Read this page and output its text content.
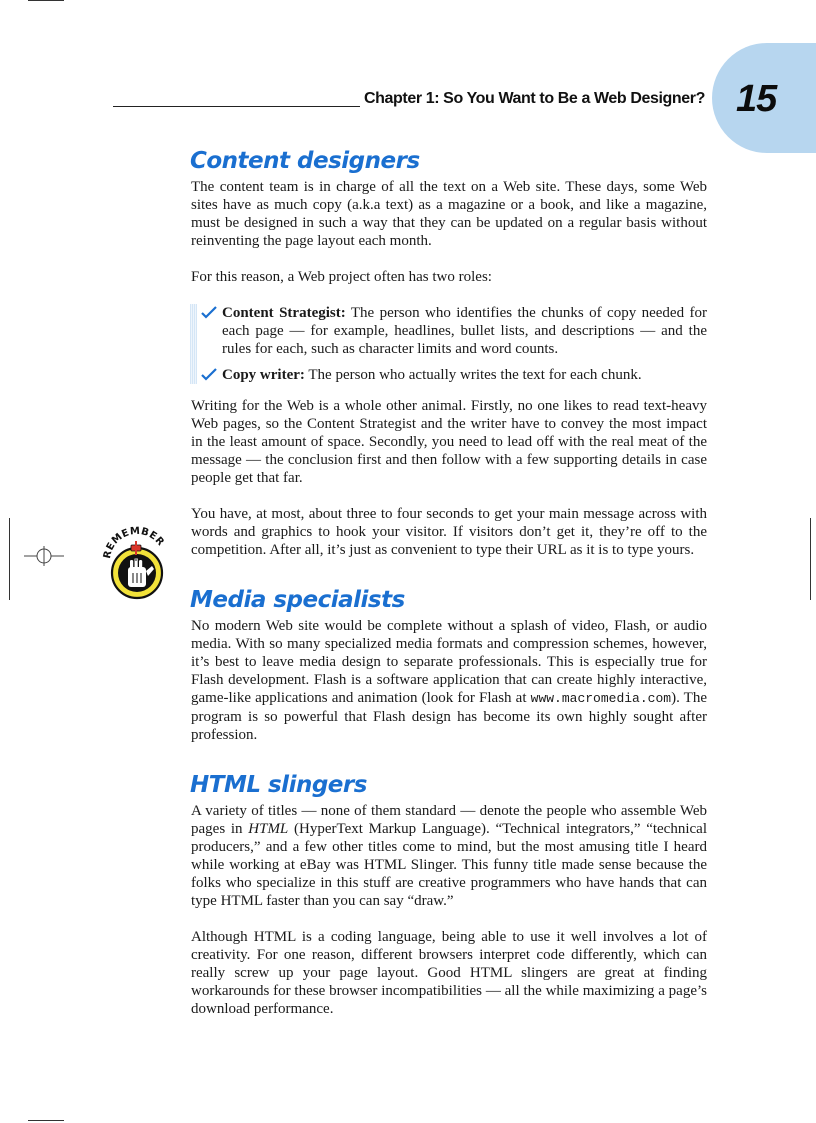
Chapter 1: So You Want to Be a Web Designer? 15
REMEMBER
Content designers

The content team is in charge of all the text on a Web site. These days, some Web sites have as much copy (a.k.a text) as a magazine or a book, and like a magazine, must be designed in such a way that they can be updated on a regular basis without reinventing the page layout each month.

For this reason, a Web project often has two roles:

Content Strategist: The person who identifies the chunks of copy needed for each page — for example, headlines, bullet lists, and descriptions — and the rules for each, such as character limits and word counts.
Copy writer: The person who actually writes the text for each chunk.

Writing for the Web is a whole other animal. Firstly, no one likes to read text-heavy Web pages, so the Content Strategist and the writer have to convey the most impact in the least amount of space. Secondly, you need to lead off with the real meat of the message — the conclusion first and then follow with a few supporting details in case people get that far.

You have, at most, about three to four seconds to get your main message across with words and graphics to hook your visitor. If visitors don’t get it, they’re off to the competition. After all, it’s just as convenient to type their URL as it is to type yours.

Media specialists

No modern Web site would be complete without a splash of video, Flash, or audio media. With so many specialized media formats and compression schemes, however, it’s best to leave media design to separate professionals. This is especially true for Flash development. Flash is a software application that can create highly interactive, game-like applications and animation (look for Flash at www.macromedia.com). The program is so powerful that Flash design has become its own highly sought after profession.

HTML slingers

A variety of titles — none of them standard — denote the people who assemble Web pages in HTML (HyperText Markup Language). “Technical integrators,” “technical producers,” and a few other titles come to mind, but the most amusing title I heard while working at eBay was HTML Slinger. This funny title made sense because the folks who specialize in this stuff are creative programmers who have hands that can type HTML faster than you can say “draw.”

Although HTML is a coding language, being able to use it well involves a lot of creativity. For one reason, different browsers interpret code differently, which can really screw up your page layout. Good HTML slingers are great at finding workarounds for these browser incompatibilities — all the while maximizing a page’s download performance.
